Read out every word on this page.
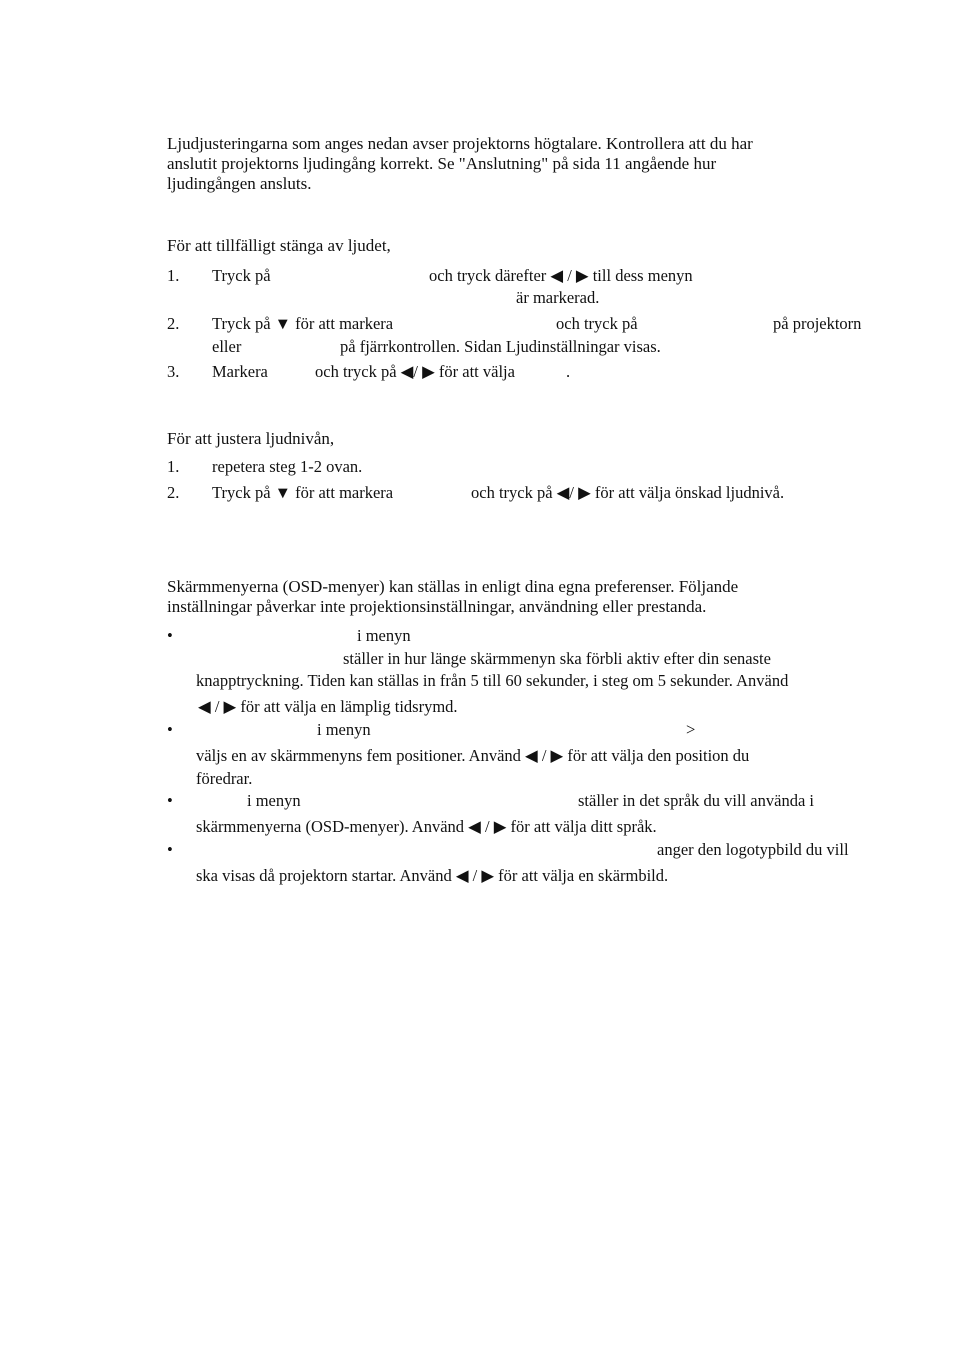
Ljudjusteringarna som anges nedan avser projektorns högtalare. Kontrollera att du har
anslutit projektorns ljudingång korrekt. Se "Anslutning" på sida 11 angående hur
ljudingången ansluts.
För att tillfälligt stänga av ljudet,
1. Tryck på	och tryck därefter ◀ / ▶ till dess menyn
är markerad.
2. Tryck på ▼ för att markera	och tryck på	på projektorn
eller	på fjärrkontrollen. Sidan Ljudinställningar visas.
3. Markera	och tryck på ◀/ ▶ för att välja	.
För att justera ljudnivån,
1. repetera steg 1-2 ovan.
2. Tryck på ▼ för att markera	och tryck på ◀/ ▶ för att välja önskad ljudnivå.
Skärmmenyerna (OSD-menyer) kan ställas in enligt dina egna preferenser. Följande
inställningar påverkar inte projektionsinställningar, användning eller prestanda.
•	i menyn
ställer in hur länge skärmmenyn ska förbli aktiv efter din senaste
knapptryckning. Tiden kan ställas in från 5 till 60 sekunder, i steg om 5 sekunder. Använd
◀ / ▶ för att välja en lämplig tidsrymd.
•	i menyn	>
väljs en av skärmmenyns fem positioner. Använd ◀ / ▶ för att välja den position du
föredrar.
•	i menyn	ställer in det språk du vill använda i
skärmmenyerna (OSD-menyer). Använd ◀ / ▶ för att välja ditt språk.
•	anger den logotypbild du vill
ska visas då projektorn startar. Använd ◀ / ▶ för att välja en skärmbild.
